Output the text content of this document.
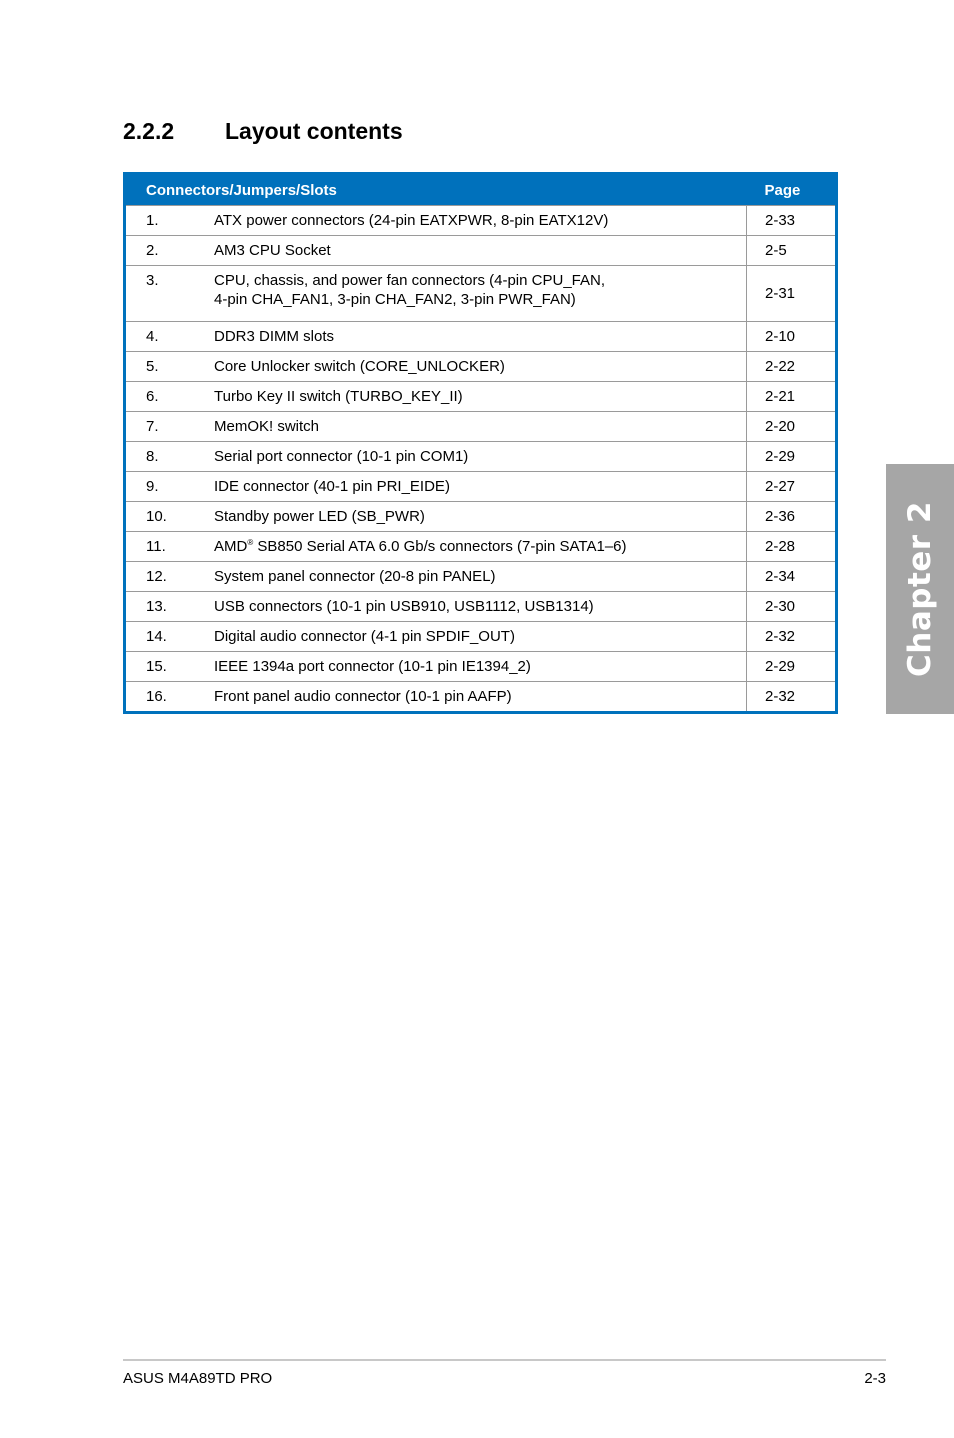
2.2.2 Layout contents
Connectors/Jumpers/Slots		Page
1.	ATX power connectors (24-pin EATXPWR, 8-pin EATX12V)	2-33
2.	AM3 CPU Socket	2-5
3.	CPU, chassis, and power fan connectors (4-pin CPU_FAN,
4-pin CHA_FAN1, 3-pin CHA_FAN2, 3-pin PWR_FAN)	2-31
4.	DDR3 DIMM slots	2-10
5.	Core Unlocker switch (CORE_UNLOCKER)	2-22
6.	Turbo Key II switch (TURBO_KEY_II)	2-21
7.	MemOK! switch	2-20
8.	Serial port connector (10-1 pin COM1)	2-29
9.	IDE connector (40-1 pin PRI_EIDE)	2-27
10.	Standby power LED (SB_PWR)	2-36
11.	AMD® SB850 Serial ATA 6.0 Gb/s connectors (7-pin SATA1–6)	2-28
12.	System panel connector (20-8 pin PANEL)	2-34
13.	USB connectors (10-1 pin USB910, USB1112, USB1314)	2-30
14.	Digital audio connector (4-1 pin SPDIF_OUT)	2-32
15.	IEEE 1394a port connector (10-1 pin IE1394_2)	2-29
16.	Front panel audio connector (10-1 pin AAFP)	2-32
Chapter 2
ASUS M4A89TD PRO	2-3
